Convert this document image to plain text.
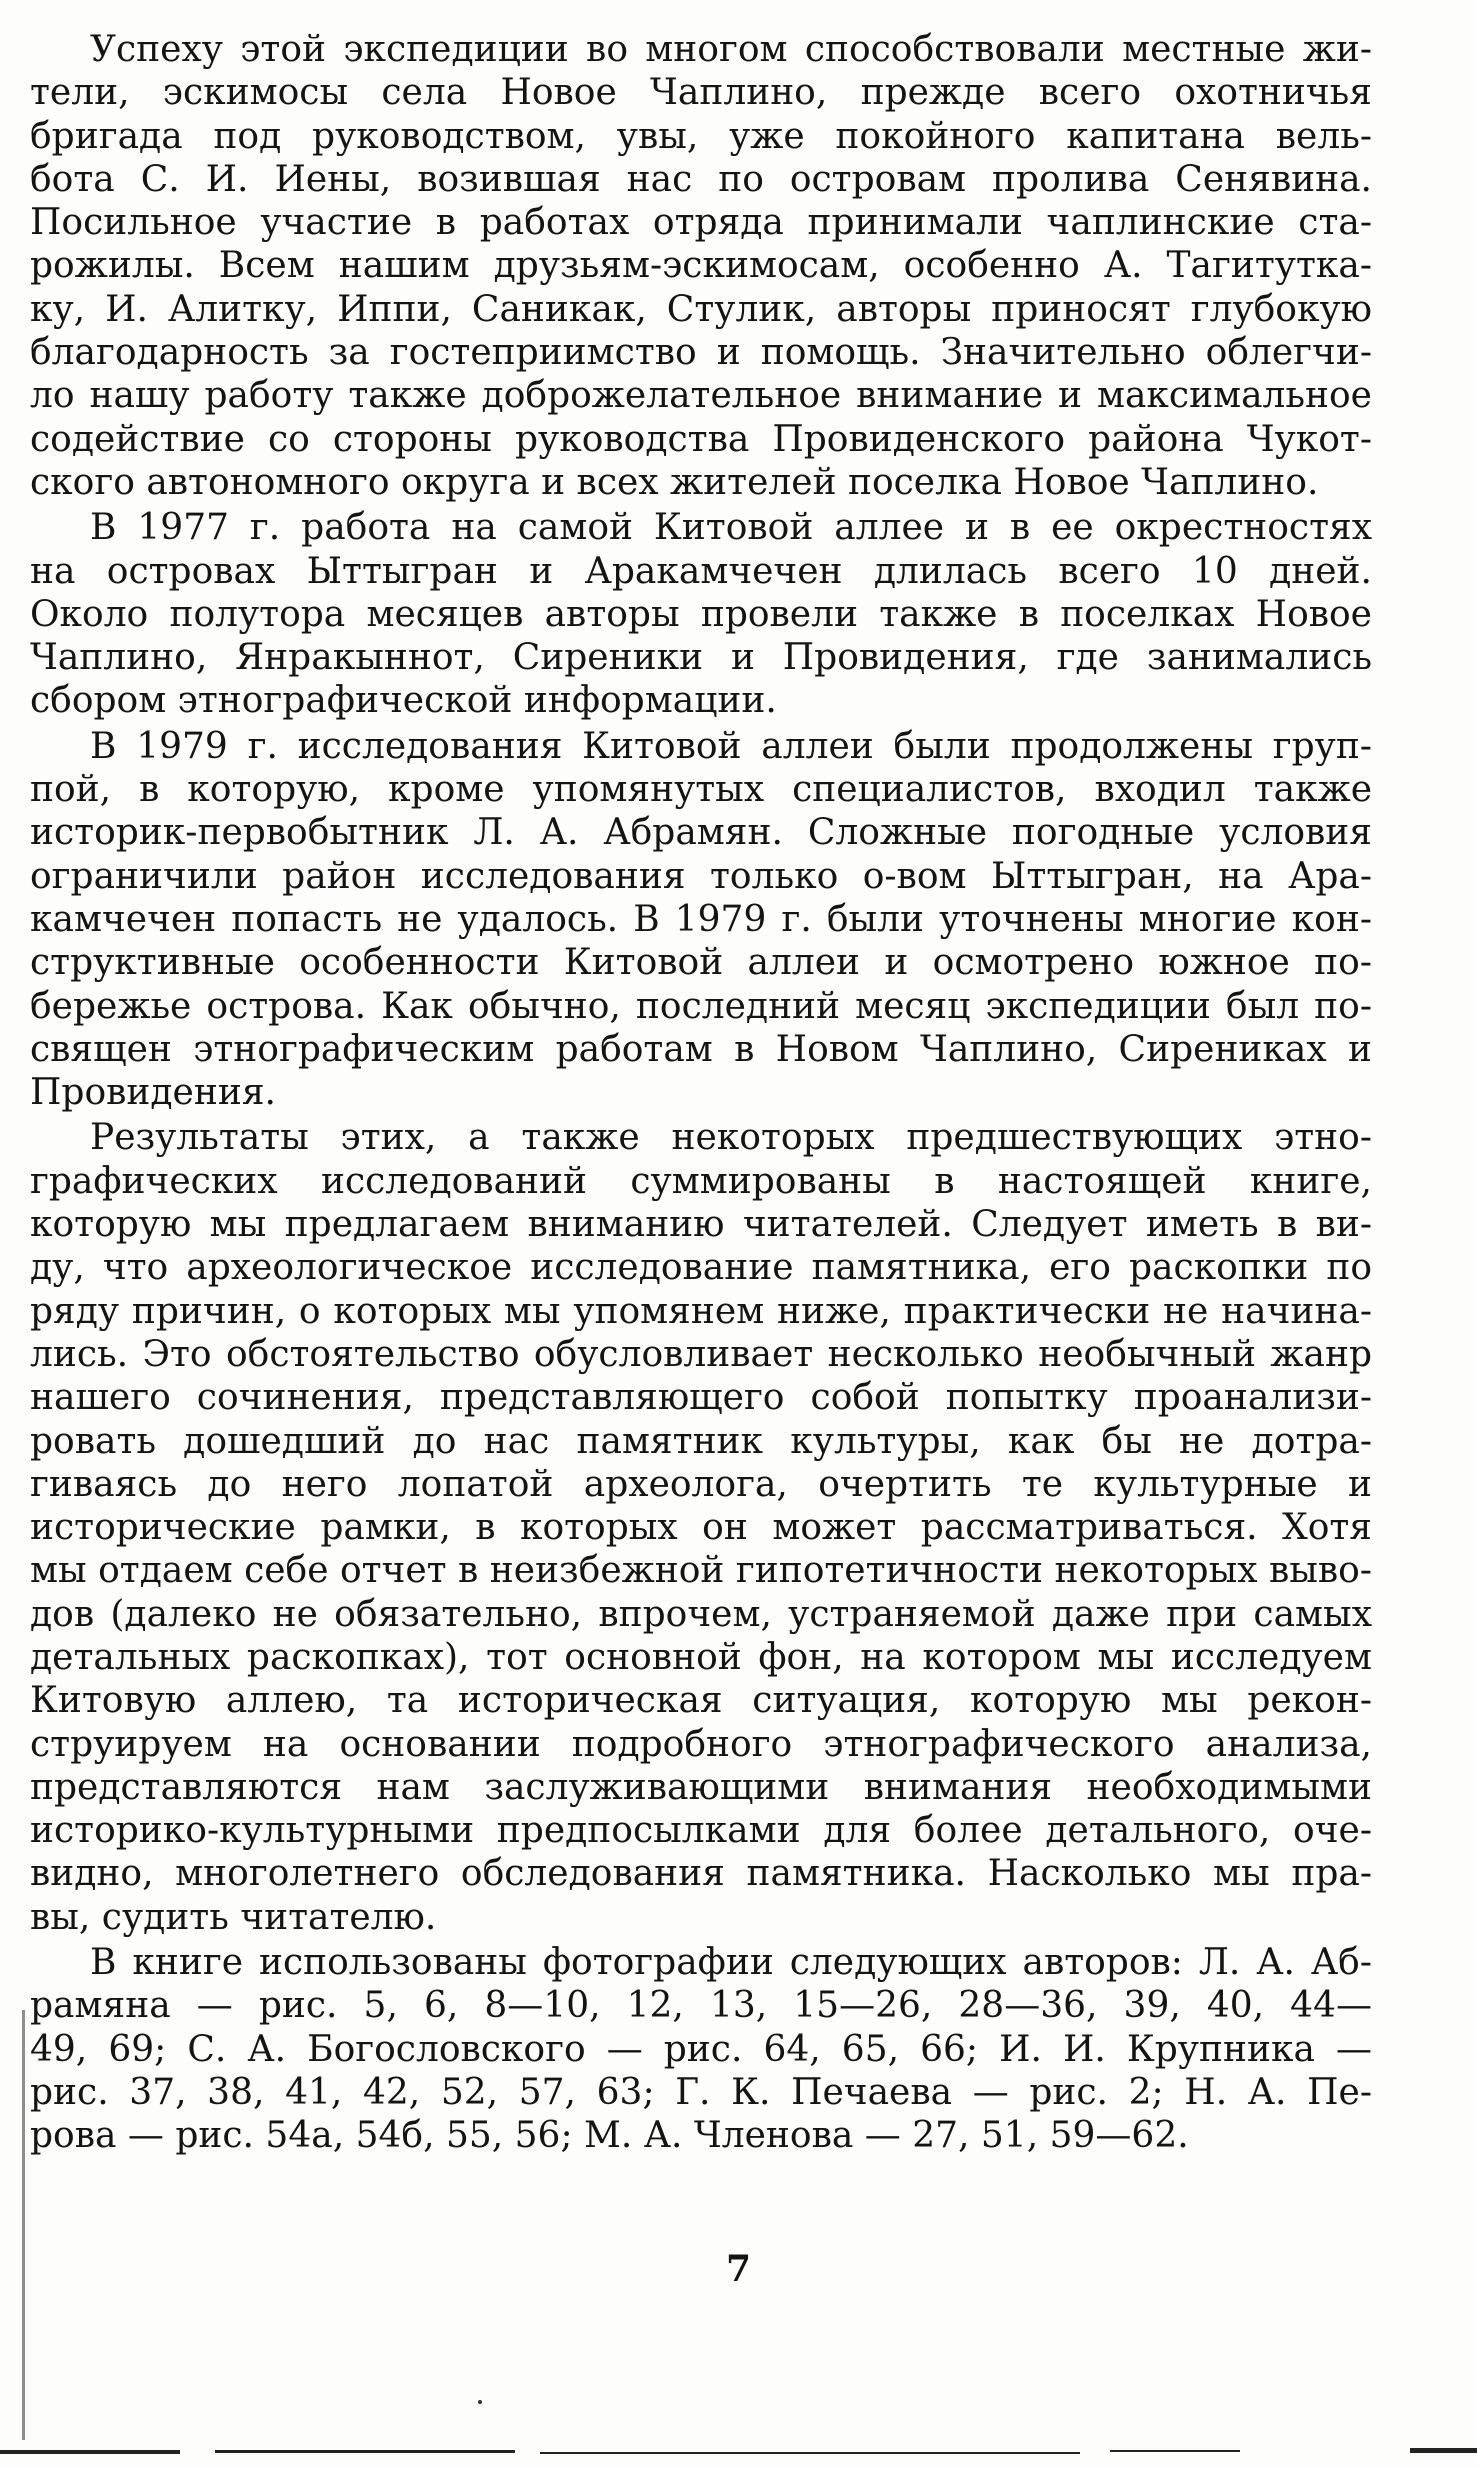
Успеху этой экспедиции во многом способствовали местные жи-
тели, эскимосы села Новое Чаплино, прежде всего охотничья
бригада под руководством, увы, уже покойного капитана вель-
бота С. И. Иены, возившая нас по островам пролива Сенявина.
Посильное участие в работах отряда принимали чаплинские ста-
рожилы. Всем нашим друзьям-эскимосам, особенно А. Тагитутка-
ку, И. Алитку, Иппи, Саникак, Стулик, авторы приносят глубокую
благодарность за гостеприимство и помощь. Значительно облегчи-
ло нашу работу также доброжелательное внимание и максимальное
содействие со стороны руководства Провиденского района Чукот-
ского автономного округа и всех жителей поселка Новое Чаплино.
В 1977 г. работа на самой Китовой аллее и в ее окрестностях
на островах Ыттыгран и Аракамчечен длилась всего 10 дней.
Около полутора месяцев авторы провели также в поселках Новое
Чаплино, Янракыннот, Сиреники и Провидения, где занимались
сбором этнографической информации.
В 1979 г. исследования Китовой аллеи были продолжены груп-
пой, в которую, кроме упомянутых специалистов, входил также
историк-первобытник Л. А. Абрамян. Сложные погодные условия
ограничили район исследования только о-вом Ыттыгран, на Ара-
камчечен попасть не удалось. В 1979 г. были уточнены многие кон-
структивные особенности Китовой аллеи и осмотрено южное по-
бережье острова. Как обычно, последний месяц экспедиции был по-
священ этнографическим работам в Новом Чаплино, Сирениках и
Провидения.
Результаты этих, а также некоторых предшествующих этно-
графических исследований суммированы в настоящей книге,
которую мы предлагаем вниманию читателей. Следует иметь в ви-
ду, что археологическое исследование памятника, его раскопки по
ряду причин, о которых мы упомянем ниже, практически не начина-
лись. Это обстоятельство обусловливает несколько необычный жанр
нашего сочинения, представляющего собой попытку проанализи-
ровать дошедший до нас памятник культуры, как бы не дотра-
гиваясь до него лопатой археолога, очертить те культурные и
исторические рамки, в которых он может рассматриваться. Хотя
мы отдаем себе отчет в неизбежной гипотетичности некоторых выво-
дов (далеко не обязательно, впрочем, устраняемой даже при самых
детальных раскопках), тот основной фон, на котором мы исследуем
Китовую аллею, та историческая ситуация, которую мы рекон-
струируем на основании подробного этнографического анализа,
представляются нам заслуживающими внимания необходимыми
историко-культурными предпосылками для более детального, оче-
видно, многолетнего обследования памятника. Насколько мы пра-
вы, судить читателю.
В книге использованы фотографии следующих авторов: Л. А. Аб-
рамяна — рис. 5, 6, 8—10, 12, 13, 15—26, 28—36, 39, 40, 44—
49, 69; С. А. Богословского — рис. 64, 65, 66; И. И. Крупника —
рис. 37, 38, 41, 42, 52, 57, 63; Г. К. Печаева — рис. 2; Н. А. Пе-
рова — рис. 54а, 54б, 55, 56; М. А. Членова — 27, 51, 59—62.
7
